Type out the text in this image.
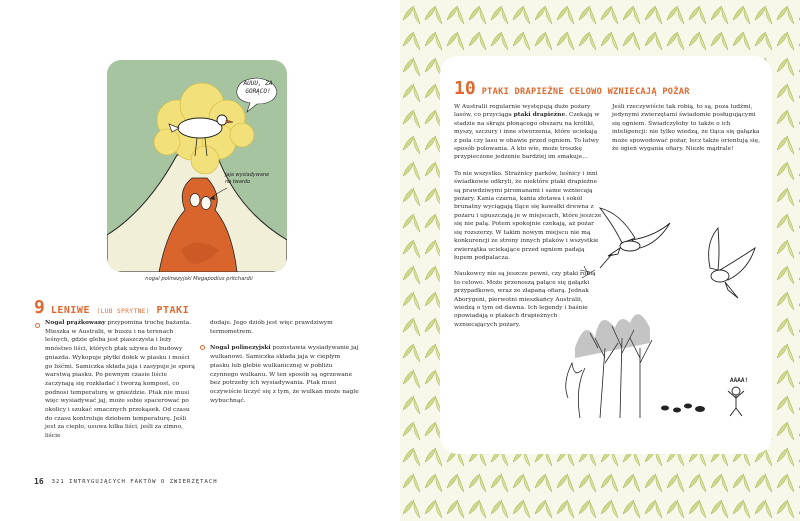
AUUU, ZA GORĄCO!
jaja wysiadywane na twardo
nogal polinezyjski Megapodius pritchardii
9 LENIWE (LUB SPRYTNE) PTAKI
Nogal prążkowany przypomina trochę bażanta. Mieszka w Australii, w buszu i na terenach leśnych, gdzie gleba jest piaszczysta i leży mnóstwo liści, których ptak używa do budowy gniazda. Wykopuje płytki dołek w piasku i mości go liśćmi. Samiczka składa jaja i zasypuje je sporą warstwą piasku. Po pewnym czasie liście zaczynają się rozkładać i tworzą kompost, co podnosi temperaturę w gnieździe. Ptak nie musi więc wysiadywać jaj, może sobie spacerować po okolicy i szukać smacznych przekąsek. Od czasu do czasu kontroluje dziobem temperaturę. Jeśli jest za ciepło, usuwa kilka liści, jeśli za zimno, liście
dodaje. Jego dziób jest więc prawdziwym termometrem.
Nogal polinezyjski pozostawia wysiadywanie jaj wulkanowi. Samiczka składa jaja w ciepłym piasku lub glebie wulkanicznej w pobliżu czynnego wulkanu. W ten sposób są ogrzewane bez potrzeby ich wysiadywania. Ptak musi oczywiście liczyć się z tym, że wulkan może nagle wybuchnąć.
16 321 INTRYGUJĄCYCH FAKTÓW O ZWIERZĘTACH
10 PTAKI DRAPIEŻNE CELOWO WZNIECAJĄ POŻAR

W Australii regularnie występują duże pożary lasów, co przyciąga ptaki drapieżne. Czekają w stadzie na skraju płonącego obszaru na króliki, myszy, szczury i inne stworzenia, które uciekają z pola czy lasu w obawie przed ogniem. To łatwy sposób polowania. A kto wie, może troszkę przypieczone jedzenie bardziej im smakuje…

To nie wszystko. Strażnicy parków, leśnicy i inni świadkowie odkryli, że niektóre ptaki drapieżne są prawdziwymi piromanami i same wzniecają pożary. Kania czarna, kania złotawa i sokół brunatny wyciągają tlące się kawałki drewna z pożaru i upuszczają je w miejscach, które jeszcze się nie palą. Potem spokojnie czekają, aż pożar się rozszerzy. W takim nowym miejscu nie mą konkurencji ze strony innych ptaków i wszystkie zwierzątka uciekające przed ogniem padają łupem podpalacza.

Naukowcy nie są jeszcze pewni, czy ptaki robią to celowo. Może przenoszą palące się gałązki przypadkowo, wraz ze złapaną ofiarą. Jednak Aborygeni, pierwotni mieszkańcy Australii, wiedzą o tym od dawna. Ich legendy i baśnie opowiadają o ptakach drapieżnych wzniecających pożary.

Jeśli rzeczywiście tak robią, to są, poza ludźmi, jedynymi zwierzętami świadomie posługującymi się ogniem. Świadczyłoby to także o ich inteligencji: nie tylko wiedzą, że tląca się gałązka może spowodować pożar, lecz także orientują się, że ogień wygania ofiary. Niezłe mądrale!

AAAA!
